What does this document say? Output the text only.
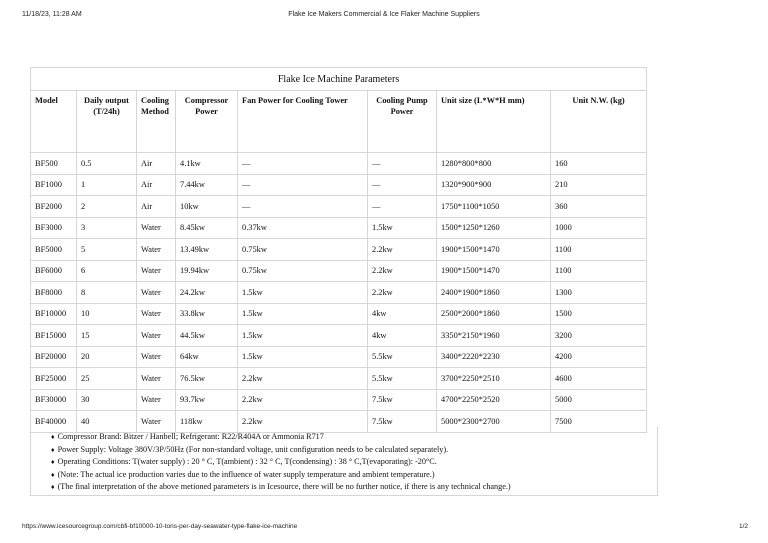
11/18/23, 11:28 AM	Flake Ice Makers Commercial & Ice Flaker Machine Suppliers
Flake Ice Machine Parameters							
Model	Daily output (T/24h)	Cooling Method	Compressor Power	Fan Power for Cooling Tower	Cooling Pump Power	Unit size (L*W*H mm)	Unit N.W. (kg)
BF500	0.5	Air	4.1kw	—	—	1280*800*800	160
BF1000	1	Air	7.44kw	—	—	1320*900*900	210
BF2000	2	Air	10kw	—	—	1750*1100*1050	360
BF3000	3	Water	8.45kw	0.37kw	1.5kw	1500*1250*1260	1000
BF5000	5	Water	13.49kw	0.75kw	2.2kw	1900*1500*1470	1100
BF6000	6	Water	19.94kw	0.75kw	2.2kw	1900*1500*1470	1100
BF8000	8	Water	24.2kw	1.5kw	2.2kw	2400*1900*1860	1300
BF10000	10	Water	33.8kw	1.5kw	4kw	2500*2000*1860	1500
BF15000	15	Water	44.5kw	1.5kw	4kw	3350*2150*1960	3200
BF20000	20	Water	64kw	1.5kw	5.5kw	3400*2220*2230	4200
BF25000	25	Water	76.5kw	2.2kw	5.5kw	3700*2250*2510	4600
BF30000	30	Water	93.7kw	2.2kw	7.5kw	4700*2250*2520	5000
BF40000	40	Water	118kw	2.2kw	7.5kw	5000*2300*2700	7500
♦ Compressor Brand: Bitzer / Hanbell; Refrigerant: R22/R404A or Ammonia R717
♦ Power Supply: Voltage 380V/3P/50Hz (For non-standard voltage, unit configuration needs to be calculated separately).
♦ Operating Conditions: T(water supply) : 20 ° C, T(ambient) : 32 ° C, T(condensing) : 38 ° C,T(evaporating): -20°C.
♦ (Note: The actual ice production varies due to the influence of water supply temperature and ambient temperature.)
♦ (The final interpretation of the above metioned parameters is in Icesource, there will be no further notice, if there is any technical change.)
https://www.icesourcegroup.com/cbfi-bf10000-10-tons-per-day-seawater-type-flake-ice-machine	1/2
